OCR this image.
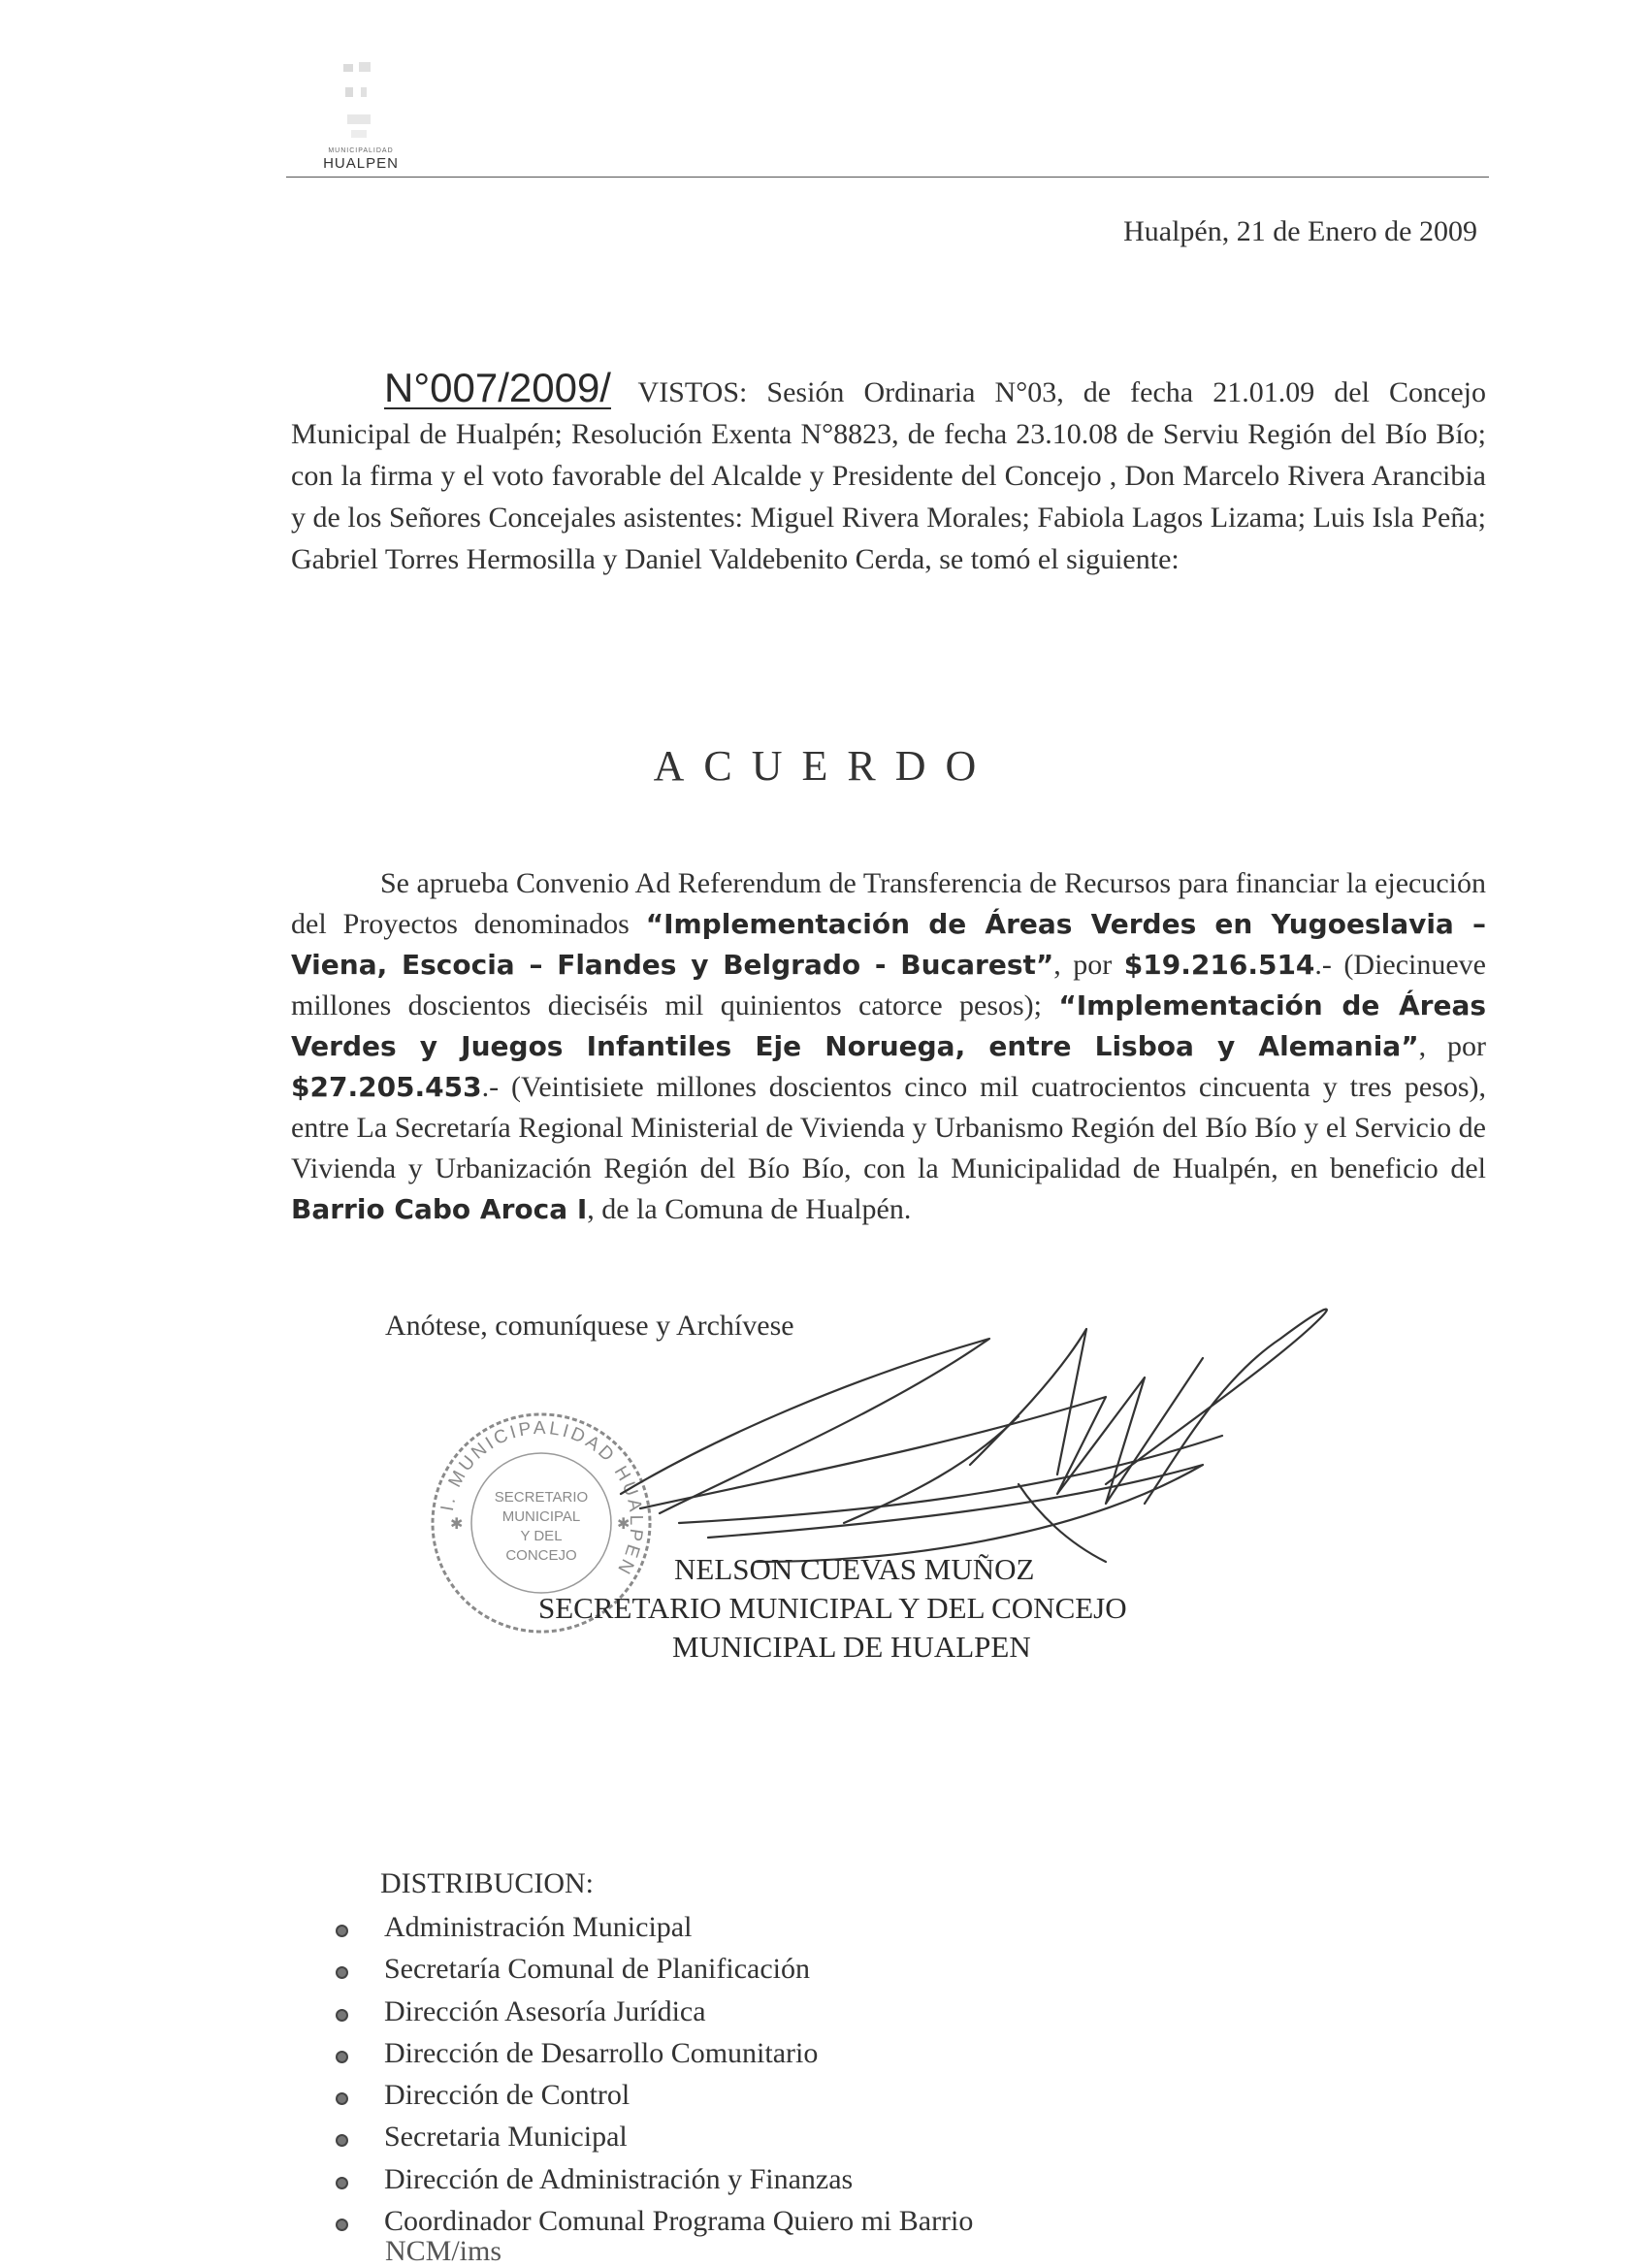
MUNICIPALIDAD
HUALPEN
Hualpén, 21 de Enero de 2009
N°007/2009/ VISTOS: Sesión Ordinaria N°03, de fecha 21.01.09 del Concejo Municipal de Hualpén; Resolución Exenta N°8823, de fecha 23.10.08 de Serviu Región del Bío Bío; con la firma y el voto favorable del Alcalde y Presidente del Concejo , Don Marcelo Rivera Arancibia y de los Señores Concejales asistentes: Miguel Rivera Morales; Fabiola Lagos Lizama; Luis Isla Peña; Gabriel Torres Hermosilla y Daniel Valdebenito Cerda, se tomó el siguiente:
ACUERDO
Se aprueba Convenio Ad Referendum de Transferencia de Recursos para financiar la ejecución del Proyectos denominados “Implementación de Áreas Verdes en Yugoeslavia – Viena, Escocia – Flandes y Belgrado - Bucarest”, por $19.216.514.- (Diecinueve millones doscientos dieciséis mil quinientos catorce pesos); “Implementación de Áreas Verdes y Juegos Infantiles Eje Noruega, entre Lisboa y Alemania”, por $27.205.453.- (Veintisiete millones doscientos cinco mil cuatrocientos cincuenta y tres pesos), entre La Secretaría Regional Ministerial de Vivienda y Urbanismo Región del Bío Bío y el Servicio de Vivienda y Urbanización Región del Bío Bío, con la Municipalidad de Hualpén, en beneficio del Barrio Cabo Aroca I, de la Comuna de Hualpén.
Anótese, comuníquese y Archívese
I. MUNICIPALIDAD HUALPEN
SECRETARIO
MUNICIPAL
Y DEL
CONCEJO
✱	✱
NELSON CUEVAS MUÑOZ
SECRETARIO MUNICIPAL Y DEL CONCEJO
MUNICIPAL DE HUALPEN
DISTRIBUCION:
Administración Municipal
Secretaría Comunal de Planificación
Dirección Asesoría Jurídica
Dirección de Desarrollo Comunitario
Dirección de Control
Secretaria Municipal
Dirección de Administración y Finanzas
Coordinador Comunal Programa Quiero mi Barrio
NCM/ims
